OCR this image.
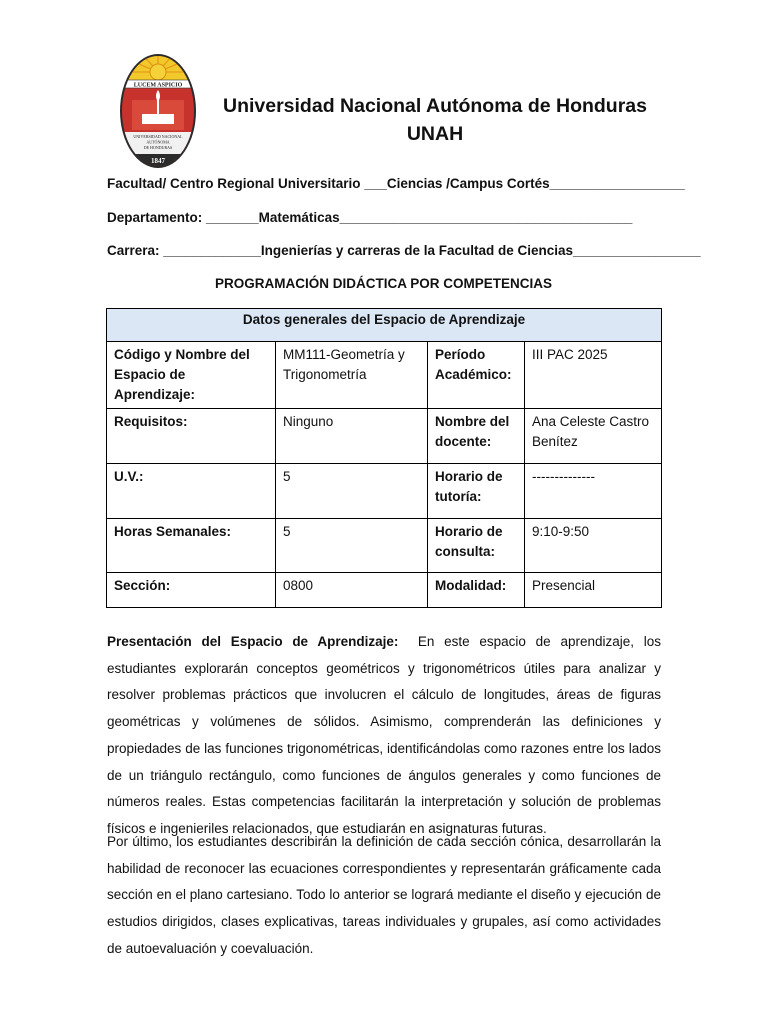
LUCEM ASPICIO
UNIVERSIDAD NACIONAL
AUTÓNOMA
DE HONDURAS
1847
Universidad Nacional Autónoma de Honduras
UNAH
Facultad/ Centro Regional Universitario ___Ciencias /Campus Cortés__________________
Departamento: _______Matemáticas_______________________________________
Carrera: _____________Ingenierías y carreras de la Facultad de Ciencias_________________
PROGRAMACIÓN DIDÁCTICA POR COMPETENCIAS
Datos generales del Espacio de Aprendizaje			
Código y Nombre del Espacio de Aprendizaje:	MM111-Geometría y Trigonometría	Período Académico:	III PAC 2025
Requisitos:	Ninguno	Nombre del docente:	Ana Celeste Castro Benítez
U.V.:	5	Horario de tutoría:	--------------
Horas Semanales:	5	Horario de consulta:	9:10-9:50
Sección:	0800	Modalidad:	Presencial
Presentación del Espacio de Aprendizaje: En este espacio de aprendizaje, los estudiantes explorarán conceptos geométricos y trigonométricos útiles para analizar y resolver problemas prácticos que involucren el cálculo de longitudes, áreas de figuras geométricas y volúmenes de sólidos. Asimismo, comprenderán las definiciones y propiedades de las funciones trigonométricas, identificándolas como razones entre los lados de un triángulo rectángulo, como funciones de ángulos generales y como funciones de números reales. Estas competencias facilitarán la interpretación y solución de problemas físicos e ingenieriles relacionados, que estudiarán en asignaturas futuras.
Por último, los estudiantes describirán la definición de cada sección cónica, desarrollarán la habilidad de reconocer las ecuaciones correspondientes y representarán gráficamente cada sección en el plano cartesiano. Todo lo anterior se logrará mediante el diseño y ejecución de estudios dirigidos, clases explicativas, tareas individuales y grupales, así como actividades de autoevaluación y coevaluación.
